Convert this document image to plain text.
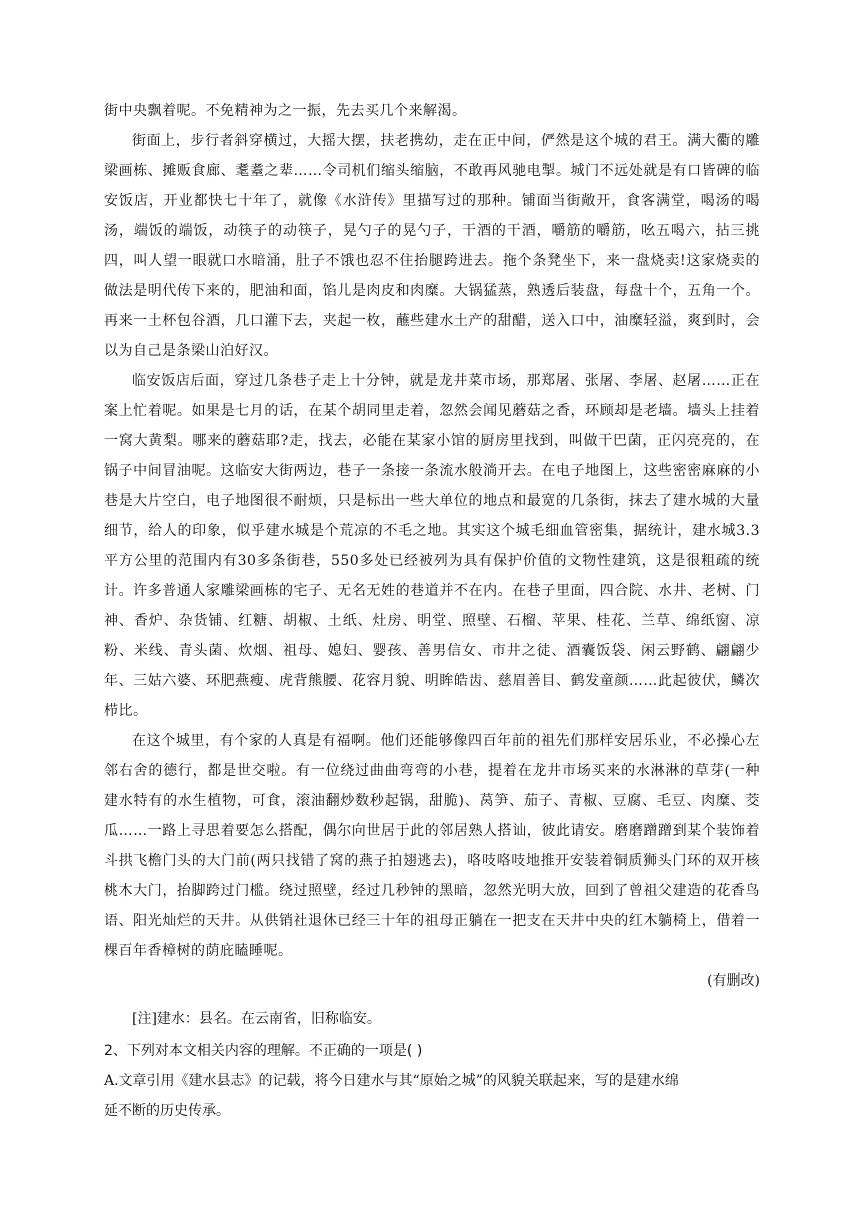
街中央飘着呢。不免精神为之一振，先去买几个来解渴。

街面上，步行者斜穿横过，大摇大摆，扶老携幼，走在正中间，俨然是这个城的君王。满大衢的雕梁画栋、摊贩食廊、耄耋之辈……令司机们缩头缩脑，不敢再风驰电掣。城门不远处就是有口皆碑的临安饭店，开业都快七十年了，就像《水浒传》里描写过的那种。铺面当街敞开，食客满堂，喝汤的喝汤，端饭的端饭，动筷子的动筷子，晃勺子的晃勺子，干酒的干酒，嚼筋的嚼筋，吆五喝六，拈三挑四，叫人望一眼就口水暗涌，肚子不饿也忍不住抬腿跨进去。拖个条凳坐下，来一盘烧卖!这家烧卖的做法是明代传下来的，肥油和面，馅儿是肉皮和肉糜。大锅猛蒸，熟透后装盘，每盘十个，五角一个。再来一土杯包谷酒，几口灌下去，夹起一枚，蘸些建水土产的甜醋，送入口中，油糜轻溢，爽到时，会以为自己是条梁山泊好汉。

临安饭店后面，穿过几条巷子走上十分钟，就是龙井菜市场，那郑屠、张屠、李屠、赵屠……正在案上忙着呢。如果是七月的话，在某个胡同里走着，忽然会闻见蘑菇之香，环顾却是老墙。墙头上挂着一窝大黄梨。哪来的蘑菇耶?走，找去，必能在某家小馆的厨房里找到，叫做干巴菌，正闪亮亮的，在锅子中间冒油呢。这临安大街两边，巷子一条接一条流水般淌开去。在电子地图上，这些密密麻麻的小巷是大片空白，电子地图很不耐烦，只是标出一些大单位的地点和最宽的几条街，抹去了建水城的大量细节，给人的印象，似乎建水城是个荒凉的不毛之地。其实这个城毛细血管密集，据统计，建水城3.3平方公里的范围内有30多条街巷，550多处已经被列为具有保护价值的文物性建筑，这是很粗疏的统计。许多普通人家雕梁画栋的宅子、无名无姓的巷道并不在内。在巷子里面，四合院、水井、老树、门神、香炉、杂货铺、红糖、胡椒、土纸、灶房、明堂、照壁、石榴、苹果、桂花、兰草、绵纸窗、凉粉、米线、青头菌、炊烟、祖母、媳妇、婴孩、善男信女、市井之徒、酒囊饭袋、闲云野鹤、翩翩少年、三姑六婆、环肥燕瘦、虎背熊腰、花容月貌、明眸皓齿、慈眉善目、鹤发童颜……此起彼伏，鳞次栉比。

在这个城里，有个家的人真是有福啊。他们还能够像四百年前的祖先们那样安居乐业，不必操心左邻右舍的德行，都是世交啦。有一位绕过曲曲弯弯的小巷，提着在龙井市场买来的水淋淋的草芽(一种建水特有的水生植物，可食，滚油翻炒数秒起锅，甜脆)、莴笋、茄子、青椒、豆腐、毛豆、肉糜、茭瓜……一路上寻思着要怎么搭配，偶尔向世居于此的邻居熟人搭讪，彼此请安。磨磨蹭蹭到某个装饰着斗拱飞檐门头的大门前(两只找错了窝的燕子拍翅逃去)，咯吱咯吱地推开安装着铜质狮头门环的双开核桃木大门，抬脚跨过门槛。绕过照壁，经过几秒钟的黑暗，忽然光明大放，回到了曾祖父建造的花香鸟语、阳光灿烂的天井。从供销社退休已经三十年的祖母正躺在一把支在天井中央的红木躺椅上，借着一棵百年香樟树的荫庇瞌睡呢。

(有删改)

[注]建水：县名。在云南省，旧称临安。

2、下列对本文相关内容的理解。不正确的一项是( )

A.文章引用《建水县志》的记载，将今日建水与其“原始之城”的风貌关联起来，写的是建水绵延不断的历史传承。
